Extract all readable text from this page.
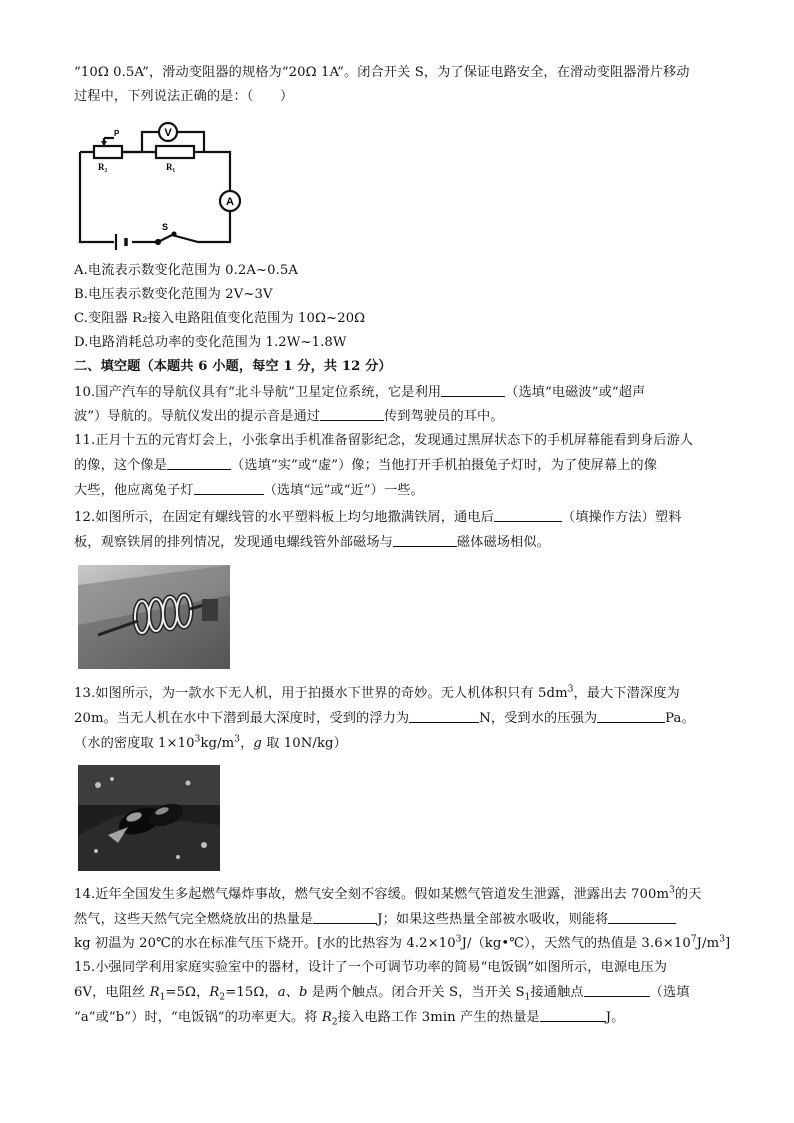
“10Ω 0.5A”，滑动变阻器的规格为“20Ω 1A”。闭合开关 S，为了保证电路安全，在滑动变阻器滑片移动
过程中，下列说法正确的是：（　　）
V
A
P
R₂	R₁
S
A.电流表示数变化范围为 0.2A~0.5A
B.电压表示数变化范围为 2V~3V
C.变阻器 R₂接入电路阻值变化范围为 10Ω~20Ω
D.电路消耗总功率的变化范围为 1.2W~1.8W
二、填空题（本题共 6 小题，每空 1 分，共 12 分）
10.国产汽车的导航仪具有“北斗导航”卫星定位系统，它是利用	（选填“电磁波”或“超声
波”）导航的。导航仪发出的提示音是通过	传到驾驶员的耳中。
11.正月十五的元宵灯会上，小张拿出手机准备留影纪念，发现通过黑屏状态下的手机屏幕能看到身后游人
的像，这个像是	（选填“实”或“虚”）像；当他打开手机拍摄兔子灯时，为了使屏幕上的像
大些，他应离兔子灯	（选填“远”或“近”）一些。
12.如图所示，在固定有螺线管的水平塑料板上均匀地撒满铁屑，通电后	（填操作方法）塑料
板，观察铁屑的排列情况，发现通电螺线管外部磁场与	磁体磁场相似。
13.如图所示，为一款水下无人机，用于拍摄水下世界的奇妙。无人机体积只有 $5dm^3$，最大下潜深度为
20m。当无人机在水中下潜到最大深度时，受到的浮力为	N，受到水的压强为	Pa。
（水的密度取 $1\times 10^3kg/m^3$，g 取 10N/kg）
14.近年全国发生多起燃气爆炸事故，燃气安全刻不容缓。假如某燃气管道发生泄露，泄露出去 $700m^3$的天
然气，这些天然气完全燃烧放出的热量是	J；如果这些热量全部被水吸收，则能将
kg 初温为 20℃的水在标准气压下烧开。[水的比热容为 $4.2\times 10^3J/(kg•℃)$，天然气的热值是 $3.6\times 10^7J/m^3$]
15.小强同学利用家庭实验室中的器材，设计了一个可调节功率的简易“电饭锅”如图所示，电源电压为
6V，电阻丝 $R_1=5\Omega$，$R_2=15\Omega$，a、b 是两个触点。闭合开关 S，当开关 $S_1$接通触点	（选填
“a”或“b”）时，“电饭锅”的功率更大。将 $R_2$接入电路工作 3min 产生的热量是	J。
